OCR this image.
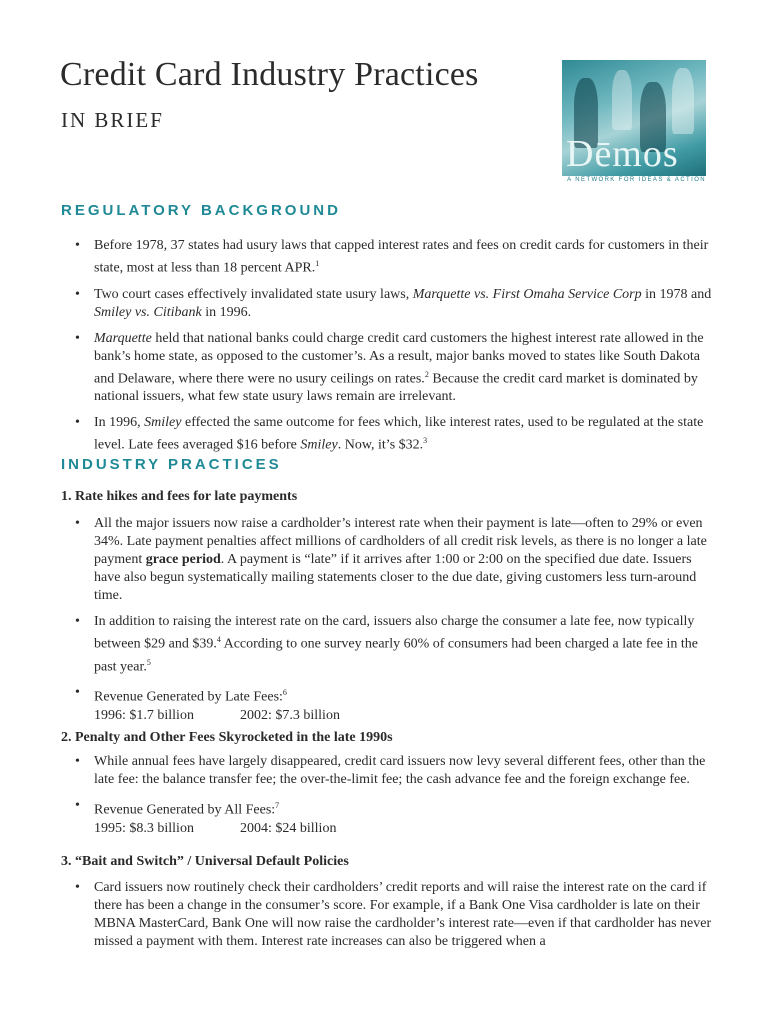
Credit Card Industry Practices
IN BRIEF
Dēmos
A NETWORK FOR IDEAS & ACTION
REGULATORY BACKGROUND
• Before 1978, 37 states had usury laws that capped interest rates and fees on credit cards for customers in their state, most at less than 18 percent APR.$^1$
• Two court cases effectively invalidated state usury laws, Marquette vs. First Omaha Service Corp in 1978 and Smiley vs. Citibank in 1996.
• Marquette held that national banks could charge credit card customers the highest interest rate allowed in the bank’s home state, as opposed to the customer’s. As a result, major banks moved to states like South Dakota and Delaware, where there were no usury ceilings on rates.$^2$ Because the credit card market is dominated by national issuers, what few state usury laws remain are irrelevant.
• In 1996, Smiley effected the same outcome for fees which, like interest rates, used to be regulated at the state level. Late fees averaged $16 before Smiley. Now, it’s $32.$^3$
INDUSTRY PRACTICES

1. Rate hikes and fees for late payments

• All the major issuers now raise a cardholder’s interest rate when their payment is late—often to 29% or even 34%. Late payment penalties affect millions of cardholders of all credit risk levels, as there is no longer a late payment grace period. A payment is “late” if it arrives after 1:00 or 2:00 on the specified due date. Issuers have also begun systematically mailing statements closer to the due date, giving customers less turn-around time.
• In addition to raising the interest rate on the card, issuers also charge the consumer a late fee, now typically between $29 and $39.$^4$ According to one survey nearly 60% of consumers had been charged a late fee in the past year.$^5$
• Revenue Generated by Late Fees:$^6$
1996: $1.7 billion	2002: $7.3 billion

2. Penalty and Other Fees Skyrocketed in the late 1990s

• While annual fees have largely disappeared, credit card issuers now levy several different fees, other than the late fee: the balance transfer fee; the over-the-limit fee; the cash advance fee and the foreign exchange fee.
• Revenue Generated by All Fees:$^7$
1995: $8.3 billion	2004: $24 billion

3. “Bait and Switch” / Universal Default Policies

• Card issuers now routinely check their cardholders’ credit reports and will raise the interest rate on the card if there has been a change in the consumer’s score. For example, if a Bank One Visa cardholder is late on their MBNA MasterCard, Bank One will now raise the cardholder’s interest rate—even if that cardholder has never missed a payment with them. Interest rate increases can also be triggered when a
